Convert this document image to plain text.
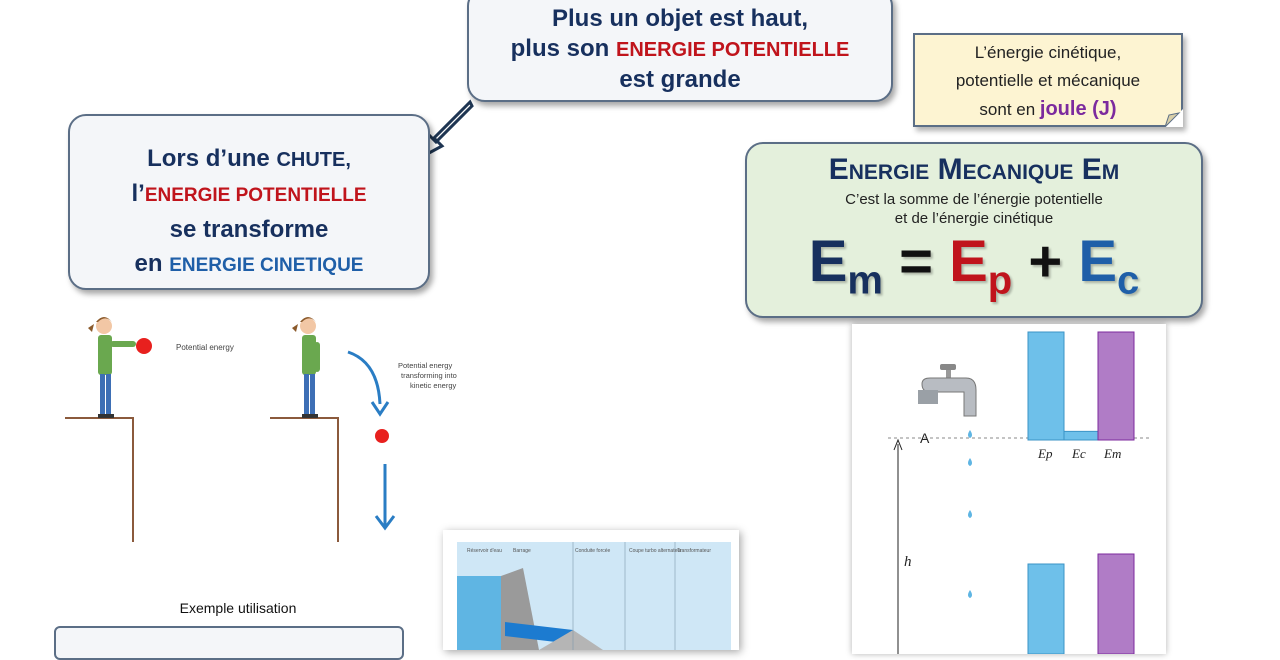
Plus un objet est haut,
plus son ENERGIE POTENTIELLE
est grande
Lors d’une CHUTE,
l’ENERGIE POTENTIELLE
se transforme
en ENERGIE CINETIQUE
L’énergie cinétique,
potentielle et mécanique
sont en joule (J)
Energie Mecanique Em
C’est la somme de l’énergie potentielle
et de l’énergie cinétique
$E_m = E_p + E_c$
Potential energy
Potential energy
transforming into
kinetic energy
Exemple utilisation
Réservoir d'eau Barrage	Conduite forcée	Coupe turbo alternateur
Transformateur
A
h
Ep Ec Em
